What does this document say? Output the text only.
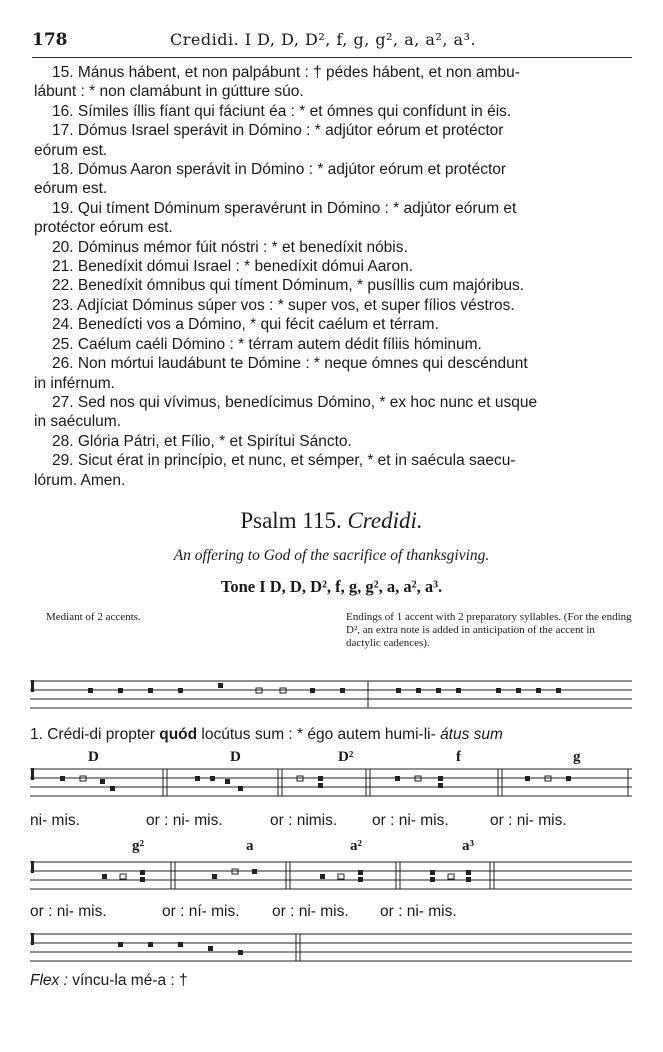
178	Credidi. I D, D, D², f, g, g², a, a², a³.

15. Mánus hábent, et non palpábunt : † pédes hábent, et non ambu-
lábunt : * non clamábunt in gútture súo.

16. Símiles íllis fíant qui fáciunt éa : * et ómnes qui confídunt in éis.

17. Dómus Israel sperávit in Dómino : * adjútor eórum et protéctor
eórum est.

18. Dómus Aaron sperávit in Dómino : * adjútor eórum et protéctor
eórum est.

19. Qui tíment Dóminum speravérunt in Dómino : * adjútor eórum et
protéctor eórum est.

20. Dóminus mémor fúit nóstri : * et benedíxit nóbis.

21. Benedíxit dómui Israel : * benedíxit dómui Aaron.

22. Benedíxit ómnibus qui tíment Dóminum, * pusíllis cum majóribus.

23. Adjíciat Dóminus súper vos : * super vos, et super fílios véstros.

24. Benedícti vos a Dómino, * qui fécit caélum et térram.

25. Caélum caéli Dómino : * térram autem dédit fíliis hóminum.

26. Non mórtui laudábunt te Dómine : * neque ómnes qui descéndunt
in inférnum.

27. Sed nos qui vívimus, benedícimus Dómino, * ex hoc nunc et usque
in saéculum.

28. Glória Pátri, et Fílio, * et Spirítui Sáncto.

29. Sicut érat in princípio, et nunc, et sémper, * et in saécula saecu-
lórum. Amen.

Psalm 115. Credidi.
An offering to God of the sacrifice of thanksgiving.
Tone I D, D, D², f, g, g², a, a², a³.
Mediant of 2 accents.	Endings of 1 accent with 2 preparatory syllables. (For the ending D², an extra note is added in anticipation of the accent in dactylic cadences).
1. Crédi-di propter quód locútus sum : * égo autem humi-li- átus sum
D	D	D²	f	g
ni- mis.	or : ni- mis.	or : nimis. or : ni- mis.	or : ni- mis.
g²	a	a²	a³
or : ni- mis.	or : ní- mis. or : ni- mis. or : ni- mis.
Flex : víncu-la mé-a : †
